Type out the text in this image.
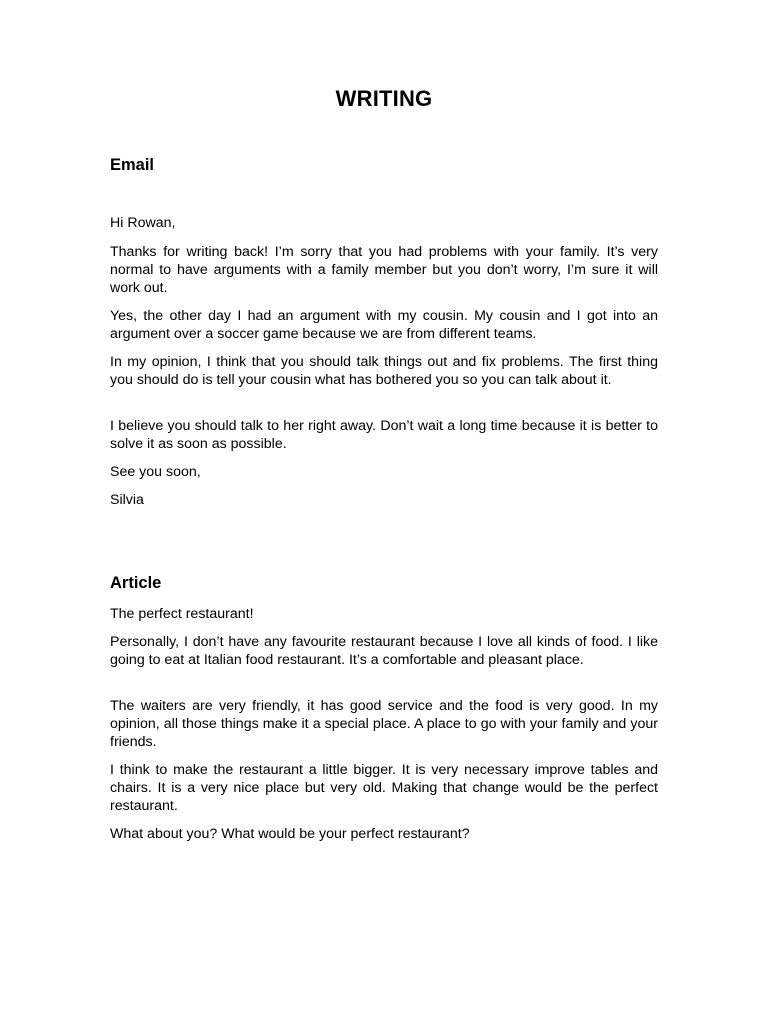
WRITING
Email

Hi Rowan,

Thanks for writing back! I’m sorry that you had problems with your family. It’s very normal to have arguments with a family member but you don’t worry, I’m sure it will work out.

Yes, the other day I had an argument with my cousin. My cousin and I got into an argument over a soccer game because we are from different teams.

In my opinion, I think that you should talk things out and fix problems. The first thing you should do is tell your cousin what has bothered you so you can talk about it.

I believe you should talk to her right away. Don’t wait a long time because it is better to solve it as soon as possible.

See you soon,

Silvia

Article

The perfect restaurant!

Personally, I don’t have any favourite restaurant because I love all kinds of food. I like going to eat at Italian food restaurant. It’s a comfortable and pleasant place.

The waiters are very friendly, it has good service and the food is very good. In my opinion, all those things make it a special place. A place to go with your family and your friends.

I think to make the restaurant a little bigger. It is very necessary improve tables and chairs. It is a very nice place but very old. Making that change would be the perfect restaurant.

What about you? What would be your perfect restaurant?
